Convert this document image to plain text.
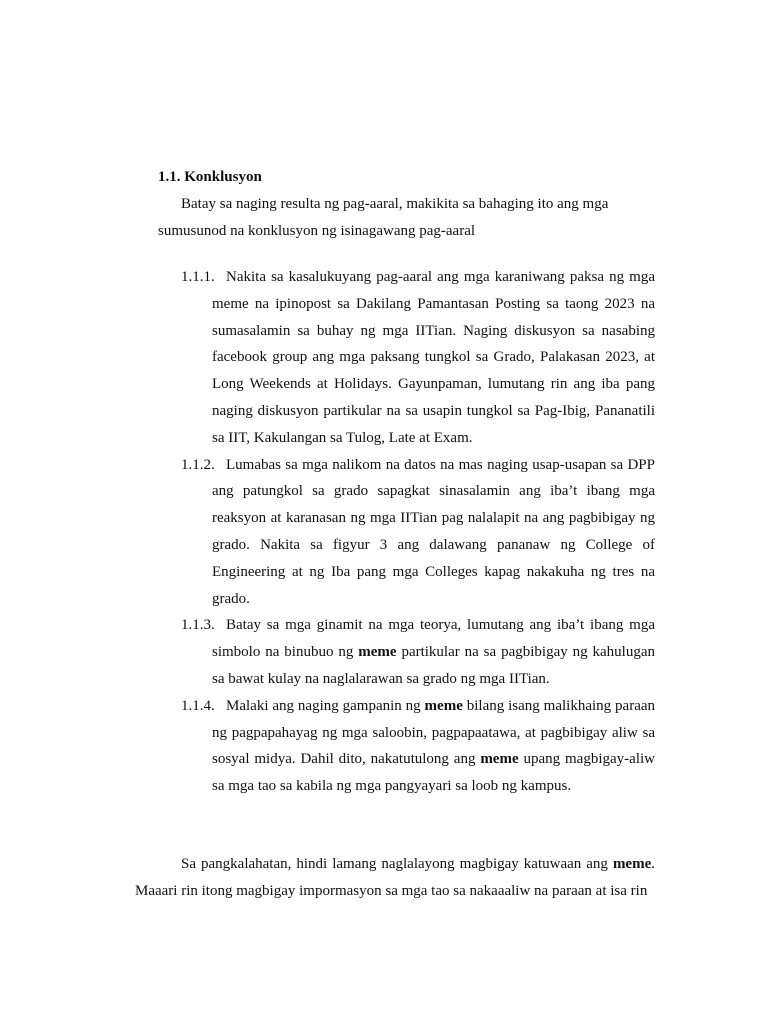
1.1. Konklusyon
Batay sa naging resulta ng pag-aaral, makikita sa bahaging ito ang mga sumusunod na konklusyon ng isinagawang pag-aaral
1.1.1. Nakita sa kasalukuyang pag-aaral ang mga karaniwang paksa ng mga meme na ipinopost sa Dakilang Pamantasan Posting sa taong 2023 na sumasalamin sa buhay ng mga IITian. Naging diskusyon sa nasabing facebook group ang mga paksang tungkol sa Grado, Palakasan 2023, at Long Weekends at Holidays. Gayunpaman, lumutang rin ang iba pang naging diskusyon partikular na sa usapin tungkol sa Pag-Ibig, Pananatili sa IIT, Kakulangan sa Tulog, Late at Exam.
1.1.2. Lumabas sa mga nalikom na datos na mas naging usap-usapan sa DPP ang patungkol sa grado sapagkat sinasalamin ang iba’t ibang mga reaksyon at karanasan ng mga IITian pag nalalapit na ang pagbibigay ng grado. Nakita sa figyur 3 ang dalawang pananaw ng College of Engineering at ng Iba pang mga Colleges kapag nakakuha ng tres na grado.
1.1.3. Batay sa mga ginamit na mga teorya, lumutang ang iba’t ibang mga simbolo na binubuo ng meme partikular na sa pagbibigay ng kahulugan sa bawat kulay na naglalarawan sa grado ng mga IITian.
1.1.4. Malaki ang naging gampanin ng meme bilang isang malikhaing paraan ng pagpapahayag ng mga saloobin, pagpapaatawa, at pagbibigay aliw sa sosyal midya. Dahil dito, nakatutulong ang meme upang magbigay-aliw sa mga tao sa kabila ng mga pangyayari sa loob ng kampus.
Sa pangkalahatan, hindi lamang naglalayong magbigay katuwaan ang meme. Maaari rin itong magbigay impormasyon sa mga tao sa nakaaaliw na paraan at isa rin
